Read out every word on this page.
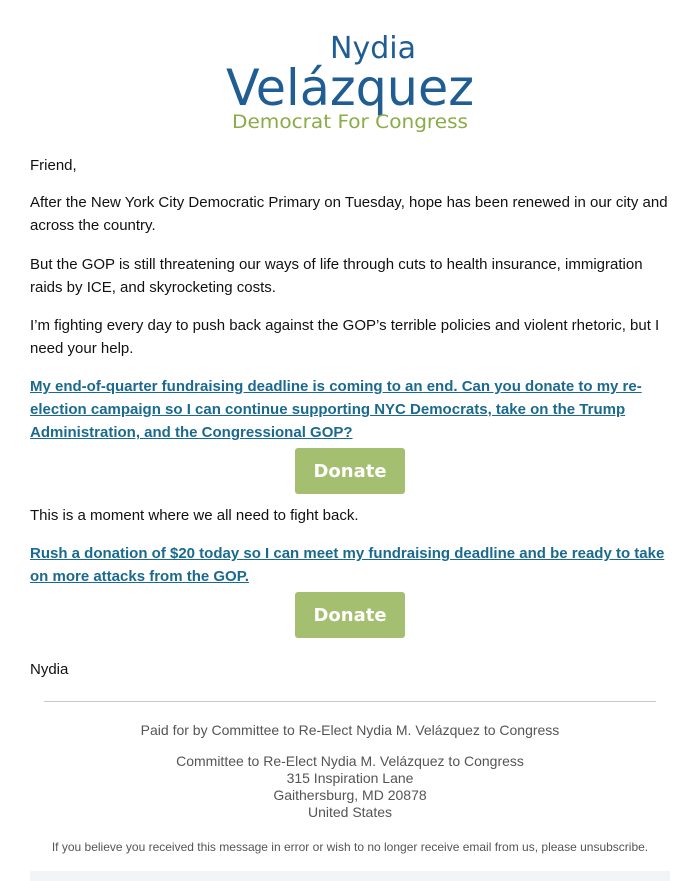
Nydia
Velázquez
Democrat For Congress

Friend,

After the New York City Democratic Primary on Tuesday, hope has been renewed in our city and across the country.

But the GOP is still threatening our ways of life through cuts to health insurance, immigration raids by ICE, and skyrocketing costs.

I’m fighting every day to push back against the GOP’s terrible policies and violent rhetoric, but I need your help.

My end-of-quarter fundraising deadline is coming to an end. Can you donate to my re-election campaign so I can continue supporting NYC Democrats, take on the Trump Administration, and the Congressional GOP?
Donate

This is a moment where we all need to fight back.

Rush a donation of $20 today so I can meet my fundraising deadline and be ready to take on more attacks from the GOP.
Donate

Nydia

Paid for by Committee to Re-Elect Nydia M. Velázquez to Congress
Committee to Re-Elect Nydia M. Velázquez to Congress
315 Inspiration Lane
Gaithersburg, MD 20878
United States
If you believe you received this message in error or wish to no longer receive email from us, please unsubscribe.
